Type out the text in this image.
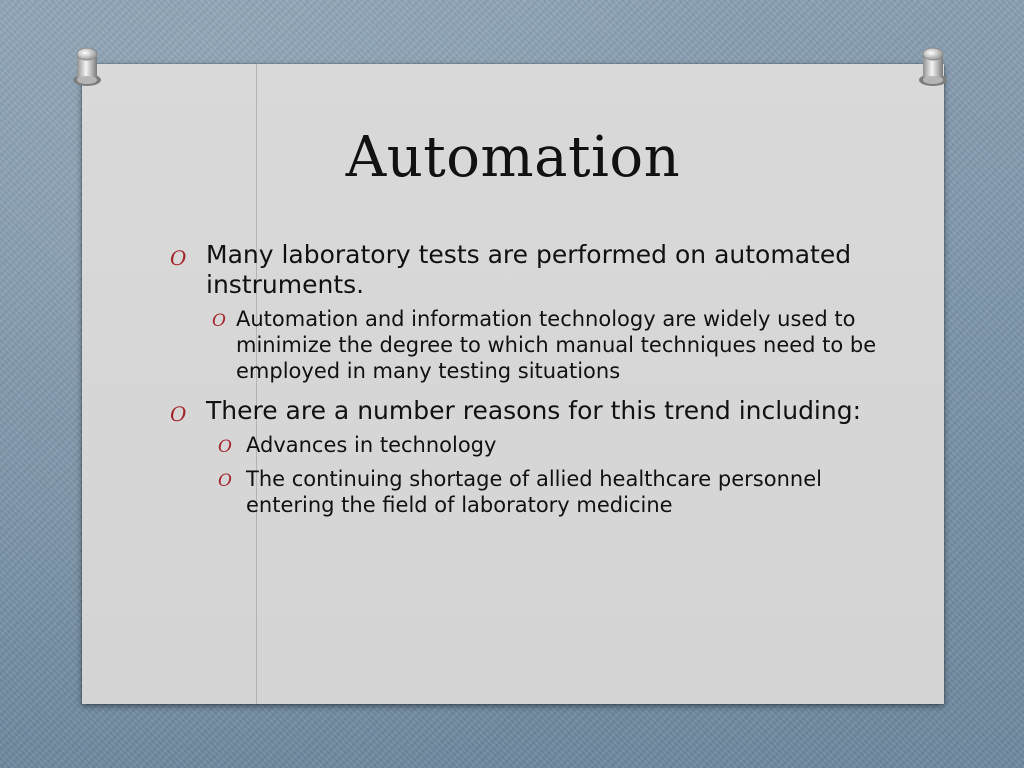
Automation

O Many laboratory tests are performed on automated instruments.

O Automation and information technology are widely used to minimize the degree to which manual techniques need to be employed in many testing situations

O There are a number reasons for this trend including:

O Advances in technology

O The continuing shortage of allied healthcare personnel entering the field of laboratory medicine
